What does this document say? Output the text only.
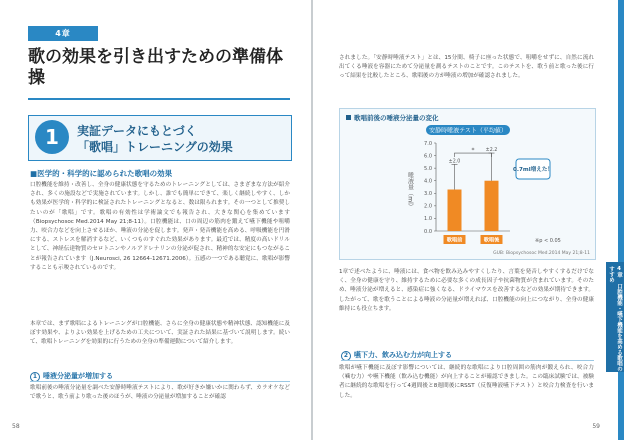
4章
歌の効果を引き出すための準備体操
1	実証データにもとづく
「歌唱」トレーニングの効果
■医学的・科学的に認められた歌唱の効果
口腔機能を維持・改善し、全身の健康状態を守るためのトレーニングとしては、さまざまな方法が紹介され、多くの施設などで実施されています。しかし、誰でも簡単にできて、楽しく継続しやすく、しかも効果が医学的・科学的に検証されたトレーニングとなると、数は限られます。その一つとして推奨したいのが「歌唱」です。歌唱の有効性は学術論文でも報告され、大きな関心を集めています（Biopsychosoc Med.2014 May 21;8-11）。口腔機能は、口の周辺の筋肉を鍛えて嚥下機能や咀嚼力、咬合力などを向上させるほか、唾液の分泌を促します。発声・発音機能を高める、呼吸機能を円滑にする、ストレスを解消するなど、いくつものすぐれた効果があります。最近では、精度の高いドリルとして、神経伝達物質のセロトニンやノルアドレナリンの分泌が促され、精神的な安定にもつながることが報告されています（J.Neurosci, 26 12664-12671.2006）。五感の一つである聴覚に、歌唱が影響することも示唆されているのです。
本章では、まず歌唱によるトレーニングが口腔機能、さらに全身の健康状態や精神状態、認知機能に及ぼす効果や、よりよい効果を上げるための工夫について、実証された結果に基づいて説明します。続いて、歌唱トレーニングを効果的に行うための全身の準備運動について紹介します。
1 唾液分泌量が増加する
歌唱前後の唾液分泌量を調べた安静時唾液テストにより、歌が好きか嫌いかに関わらず、カラオケなどで歌うと、歌う前より歌った後のほうが、唾液の分泌量が増加することが確認
58
されました。「安静時唾液テスト」とは、15分間、椅子に座った状態で、咀嚼をせずに、自然に流れ出てくる唾液を容器にためて分泌量を測るテストのことです。このテストを、歌う前と歌った後に行って結果を比較したところ、歌唱後の方が唾液の増加が確認されました。
歌唱前後の唾液分泌量の変化
安静時唾液テスト（平均値）
唾液量（ml）
0.0
1.0
2.0
3.0
4.0
5.0
6.0
7.0
±2.0
歌唱前
±2.2
歌唱後
*
0.7ml増えた！
※p < 0.05
GUB: Biopsychosoc Med.2014 May 21;8-11
1章で述べたように、唾液には、食べ物を飲み込みやすくしたり、言葉を発音しやすくするだけでなく、全身の健康を守り、維持するために必要な多くの成長因子や抗菌物質が含まれています。そのため、唾液分泌が増えると、感染症に強くなる、ドライマウスを改善するなどの効果が期待できます。したがって、歌を歌うことによる唾液の分泌量が増えれば、口腔機能の向上につながり、全身の健康維持にも役立ちます。
2 嚥下力、飲み込む力が向上する
歌唱が嚥下機能に及ぼす影響については、継続的な歌唱により口腔周囲の筋肉が鍛えられ、咬合力（噛む力）や嚥下機能（飲み込む機能）が向上することが確認できました。この臨床試験では、被験者に継続的な歌唱を行って4週間後と8週間後にRSST（反復唾液嚥下テスト）と咬合力検査を行いました。
4章 口腔機能・嚥下機能を高める歌唱のすすめ
59
